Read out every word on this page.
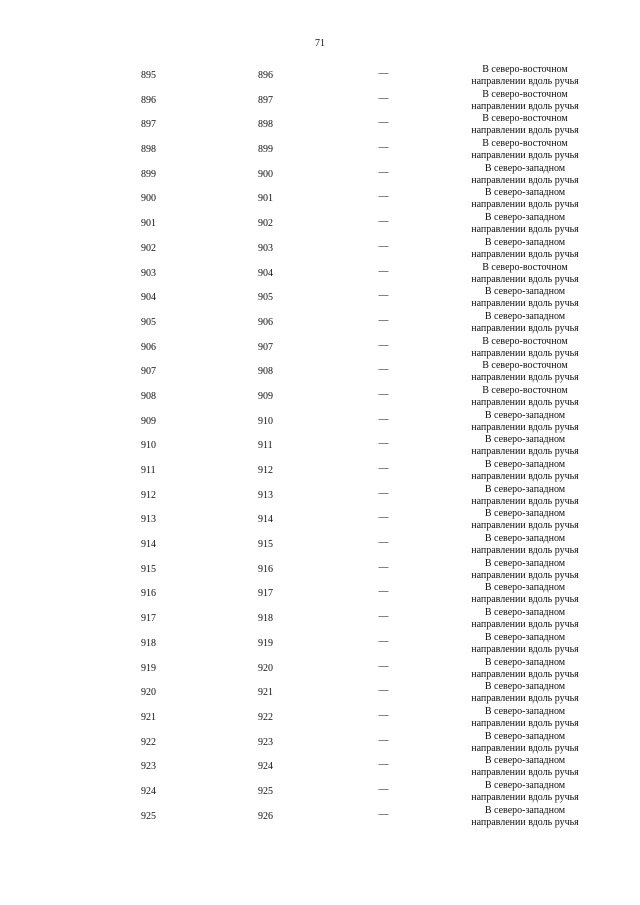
71
895	896	—	В северо-восточном
направлении вдоль ручья
896	897	—	В северо-восточном
направлении вдоль ручья
897	898	—	В северо-восточном
направлении вдоль ручья
898	899	—	В северо-восточном
направлении вдоль ручья
899	900	—	В северо-западном
направлении вдоль ручья
900	901	—	В северо-западном
направлении вдоль ручья
901	902	—	В северо-западном
направлении вдоль ручья
902	903	—	В северо-западном
направлении вдоль ручья
903	904	—	В северо-восточном
направлении вдоль ручья
904	905	—	В северо-западном
направлении вдоль ручья
905	906	—	В северо-западном
направлении вдоль ручья
906	907	—	В северо-восточном
направлении вдоль ручья
907	908	—	В северо-восточном
направлении вдоль ручья
908	909	—	В северо-восточном
направлении вдоль ручья
909	910	—	В северо-западном
направлении вдоль ручья
910	911	—	В северо-западном
направлении вдоль ручья
911	912	—	В северо-западном
направлении вдоль ручья
912	913	—	В северо-западном
направлении вдоль ручья
913	914	—	В северо-западном
направлении вдоль ручья
914	915	—	В северо-западном
направлении вдоль ручья
915	916	—	В северо-западном
направлении вдоль ручья
916	917	—	В северо-западном
направлении вдоль ручья
917	918	—	В северо-западном
направлении вдоль ручья
918	919	—	В северо-западном
направлении вдоль ручья
919	920	—	В северо-западном
направлении вдоль ручья
920	921	—	В северо-западном
направлении вдоль ручья
921	922	—	В северо-западном
направлении вдоль ручья
922	923	—	В северо-западном
направлении вдоль ручья
923	924	—	В северо-западном
направлении вдоль ручья
924	925	—	В северо-западном
направлении вдоль ручья
925	926	—	В северо-западном
направлении вдоль ручья
